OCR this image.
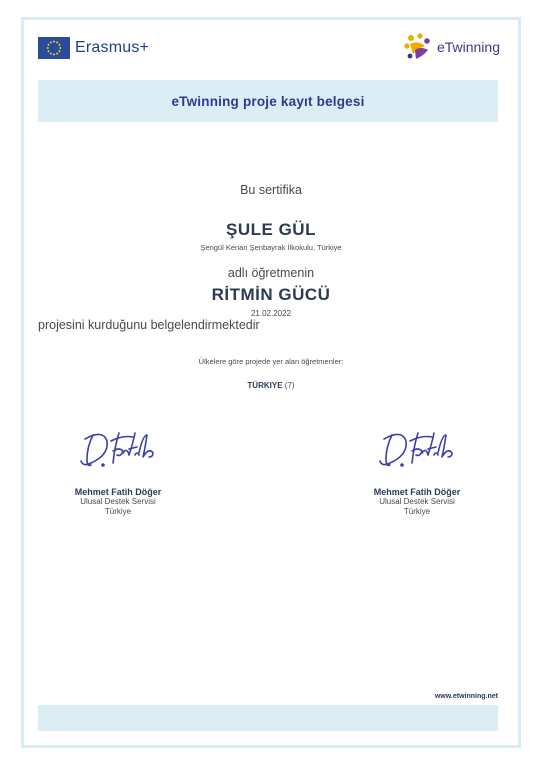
Erasmus+	eTwinning
eTwinning proje kayıt belgesi
Bu sertifika
ŞULE GÜL
Şengül Kenan Şenbayrak İlkokulu, Türkiye
adlı öğretmenin
RİTMİN GÜCÜ
21.02.2022
projesini kurduğunu belgelendirmektedir
Ülkelere göre projede yer alan öğretmenler:
TÜRKIYE (7)
Mehmet Fatih Döğer
Ulusal Destek Servisi
Türkiye
Mehmet Fatih Döğer
Ulusal Destek Servisi
Türkiye
www.etwinning.net
